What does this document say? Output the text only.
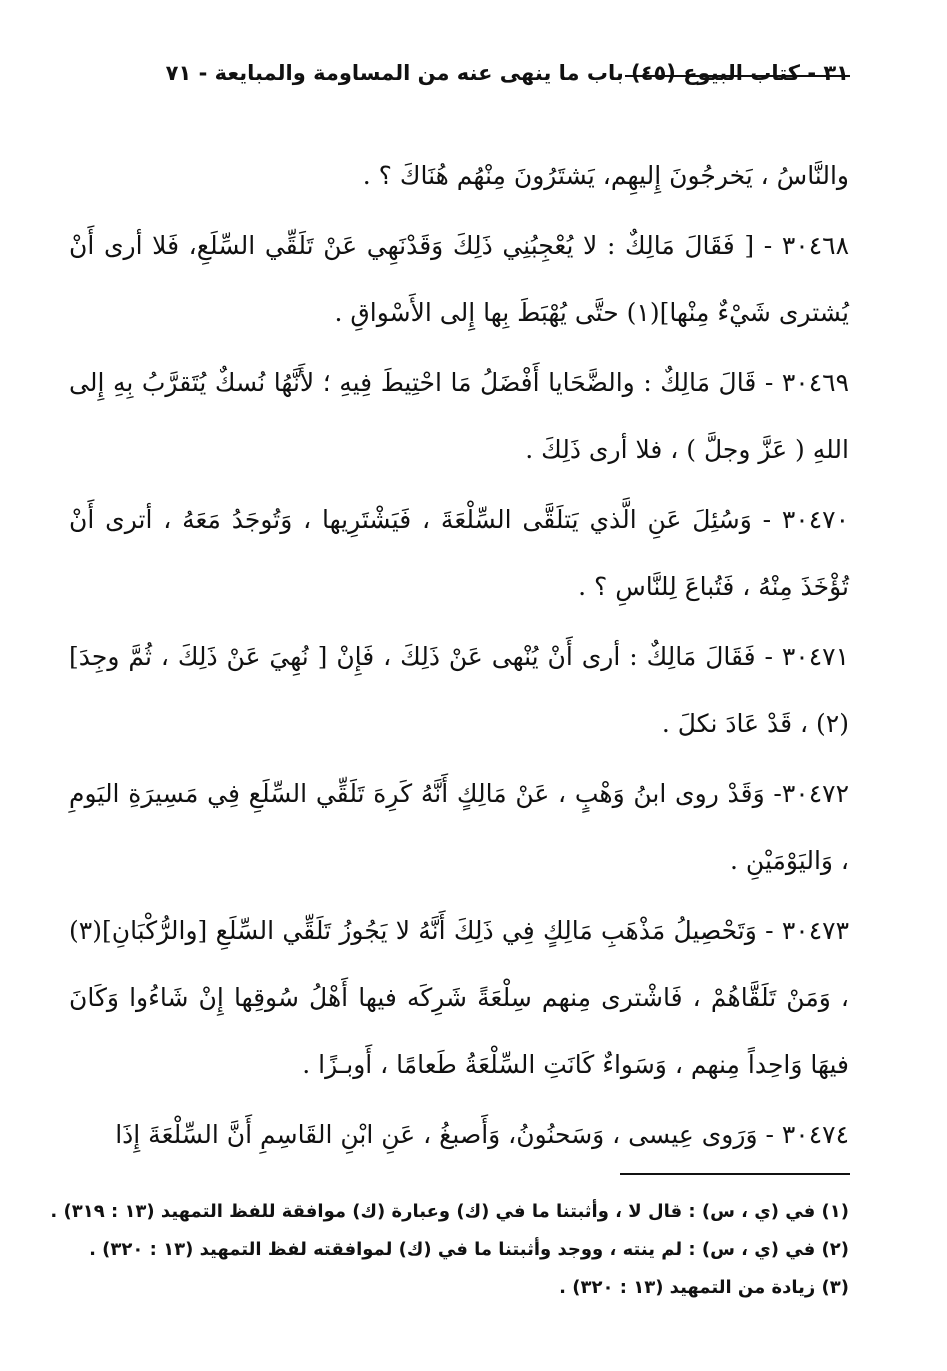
٣١ - كتاب البيوع (٤٥) باب ما ينهى عنه من المساومة والمبايعة - ٧١

والنَّاسُ ، يَخرجُونَ إِليهِم، يَشتَرُونَ مِنْهُم هُنَاكَ ؟ .

٣٠٤٦٨ - [ فَقَالَ مَالِكٌ : لا يُعْجِبُنِي ذَلِكَ وَقَدْنَهِي عَنْ تَلَقِّي السِّلَعِ، فَلا أرى أَنْ يُشترى شَيْءٌ مِنْها](١) حتَّى يُهْبَطَ بِها إِلى الأَسْواقِ .

٣٠٤٦٩ - قَالَ مَالِكٌ : والضَّحَايا أَفْضَلُ مَا احْتِيطَ فِيهِ ؛ لأَنَّهُا نُسكٌ يُتَقرَّبُ بِهِ إِلى اللهِ ( عَزَّ وجلَّ ) ، فلا أرى ذَلِكَ .

٣٠٤٧٠ - وَسُئِلَ عَنِ الَّذي يَتلَقَّى السِّلْعَةَ ، فَيَشْتَرِيها ، وَتُوجَدُ مَعَهُ ، أترى أَنْ تُؤْخَذَ مِنْهُ ، فَتُباعَ لِلنَّاسِ ؟ .

٣٠٤٧١ - فَقَالَ مَالِكٌ : أرى أَنْ يُنْهى عَنْ ذَلِكَ ، فَإِنْ [ نُهِيَ عَنْ ذَلِكَ ، ثُمَّ وجِدَ](٢) ، قَدْ عَادَ نكلَ .

٣٠٤٧٢- وَقَدْ روى ابنُ وَهْبٍ ، عَنْ مَالِكٍ أَنَّهُ كَرِهَ تَلَقِّي السِّلَعِ فِي مَسِيرَةِ اليَومِ ، وَاليَوْمَيْنِ .

٣٠٤٧٣ - وَتَحْصِيلُ مَذْهَبِ مَالِكٍ فِي ذَلِكَ أَنَّهُ لا يَجُوزُ تَلَقِّي السِّلَعِ [والرُّكْبَانِ](٣) ، وَمَنْ تَلَقَّاهُمْ ، فَاشْترى مِنهم سِلْعَةً شَرِكَه فيها أَهْلُ سُوقِها إِنْ شَاءُوا وَكَانَ فيهَا وَاحِداً مِنهم ، وَسَواءٌ كَانَتِ السِّلْعَةُ طَعامًا ، أَوبـزًا .

٣٠٤٧٤ - وَرَوى عِيسى ، وَسَحنُونُ، وَأَصبغُ ، عَنِ ابْنِ القَاسِمِ أَنَّ السِّلْعَةَ إِذَا

(١) في (ي ، س) : قال لا ، وأثبتنا ما في (ك) وعبارة (ك) موافقة للفظ التمهيد (١٣ : ٣١٩) .

(٢) في (ي ، س) : لم ينته ، ووجد وأثبتنا ما في (ك) لموافقته لفظ التمهيد (١٣ : ٣٢٠) .

(٣) زيادة من التمهيد (١٣ : ٣٢٠) .
